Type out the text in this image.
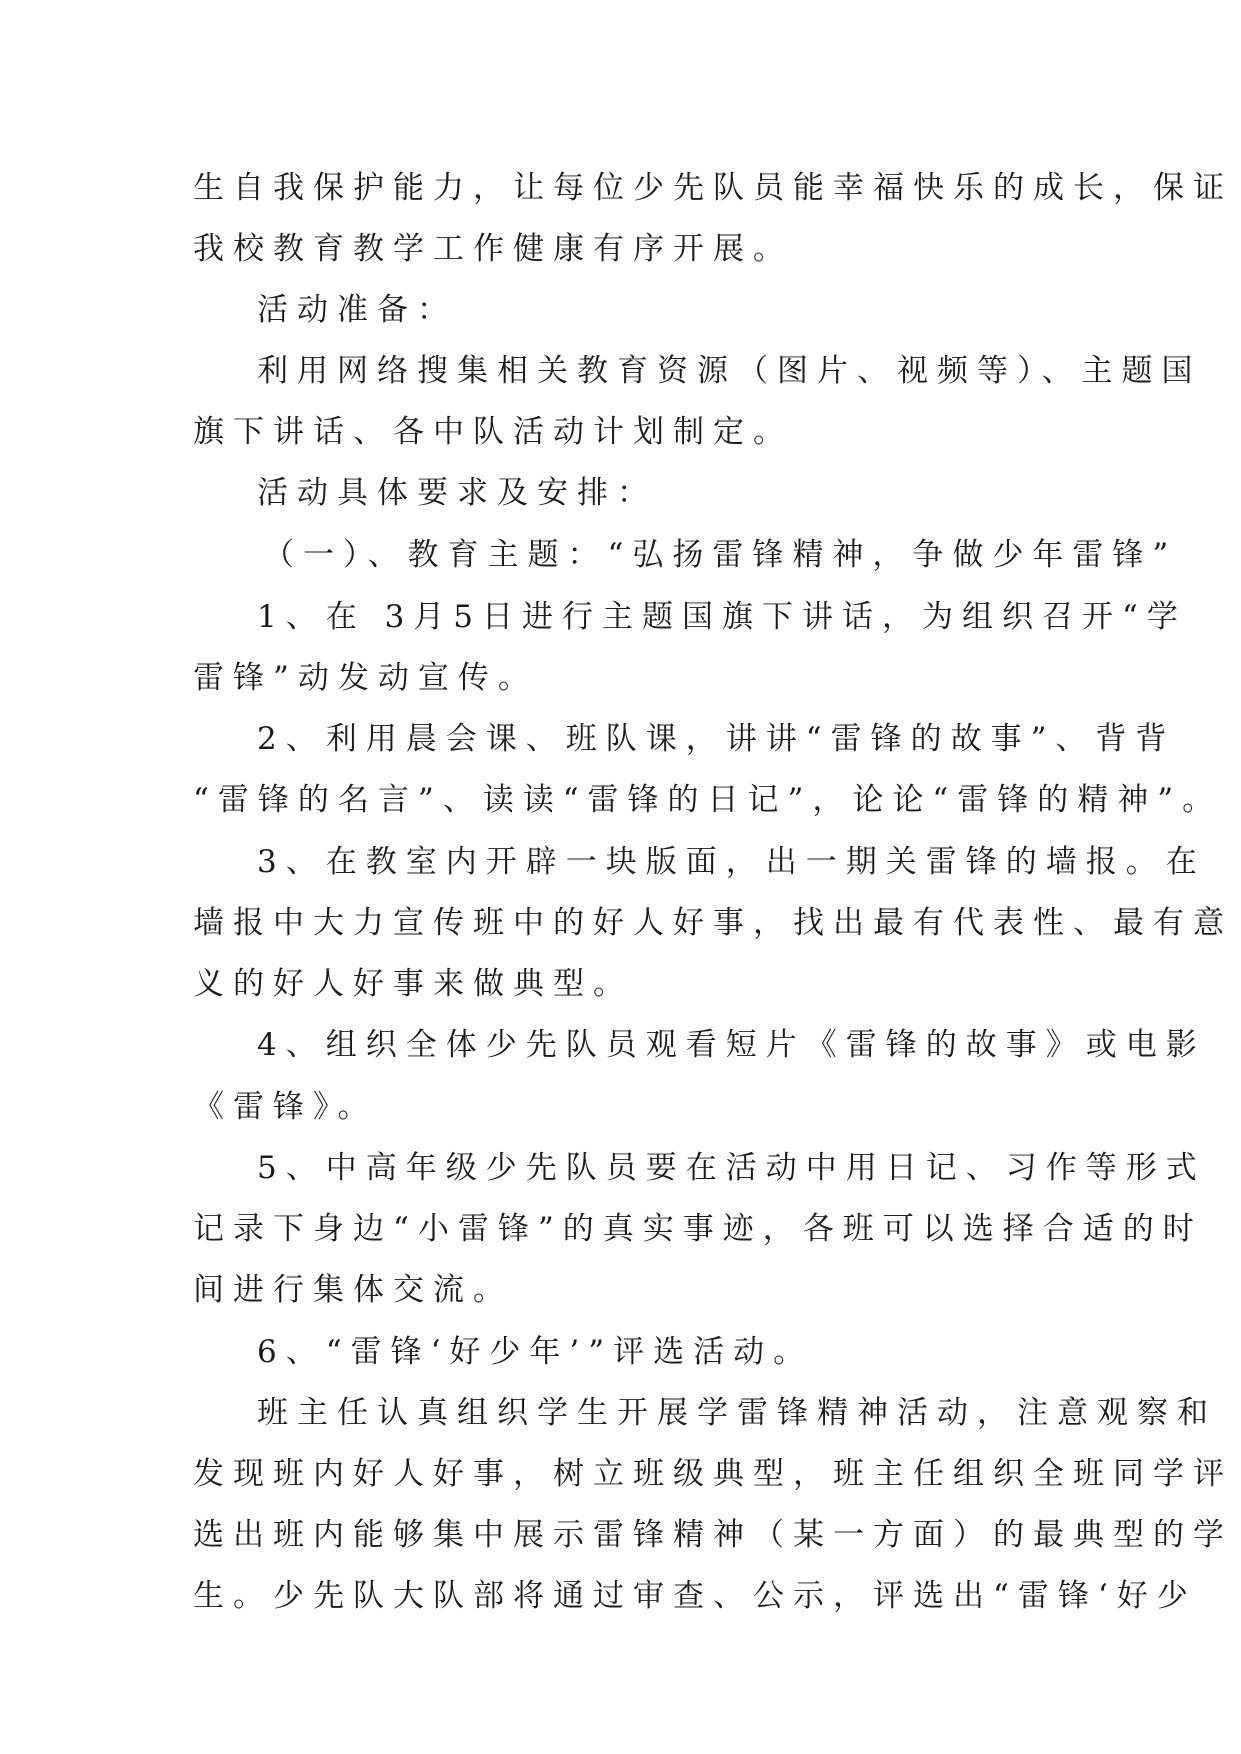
生自我保护能力，让每位少先队员能幸福快乐的成长，保证

我校教育教学工作健康有序开展。

活动准备：

利用网络搜集相关教育资源（图片、视频等）、主题国

旗下讲话、各中队活动计划制定。

活动具体要求及安排：

（一）、教育主题：“弘扬雷锋精神，争做少年雷锋”

1、在 3月5日进行主题国旗下讲话，为组织召开“学

雷锋”动发动宣传。

2、利用晨会课、班队课，讲讲“雷锋的故事”、背背

“雷锋的名言”、读读“雷锋的日记”，论论“雷锋的精神”。

3、在教室内开辟一块版面，出一期关雷锋的墙报。在

墙报中大力宣传班中的好人好事，找出最有代表性、最有意

义的好人好事来做典型。

4、组织全体少先队员观看短片《雷锋的故事》或电影

《雷锋》。

5、中高年级少先队员要在活动中用日记、习作等形式

记录下身边“小雷锋”的真实事迹，各班可以选择合适的时

间进行集体交流。

6、“雷锋‘好少年’”评选活动。

班主任认真组织学生开展学雷锋精神活动，注意观察和

发现班内好人好事，树立班级典型，班主任组织全班同学评

选出班内能够集中展示雷锋精神（某一方面）的最典型的学

生。少先队大队部将通过审查、公示，评选出“雷锋‘好少
